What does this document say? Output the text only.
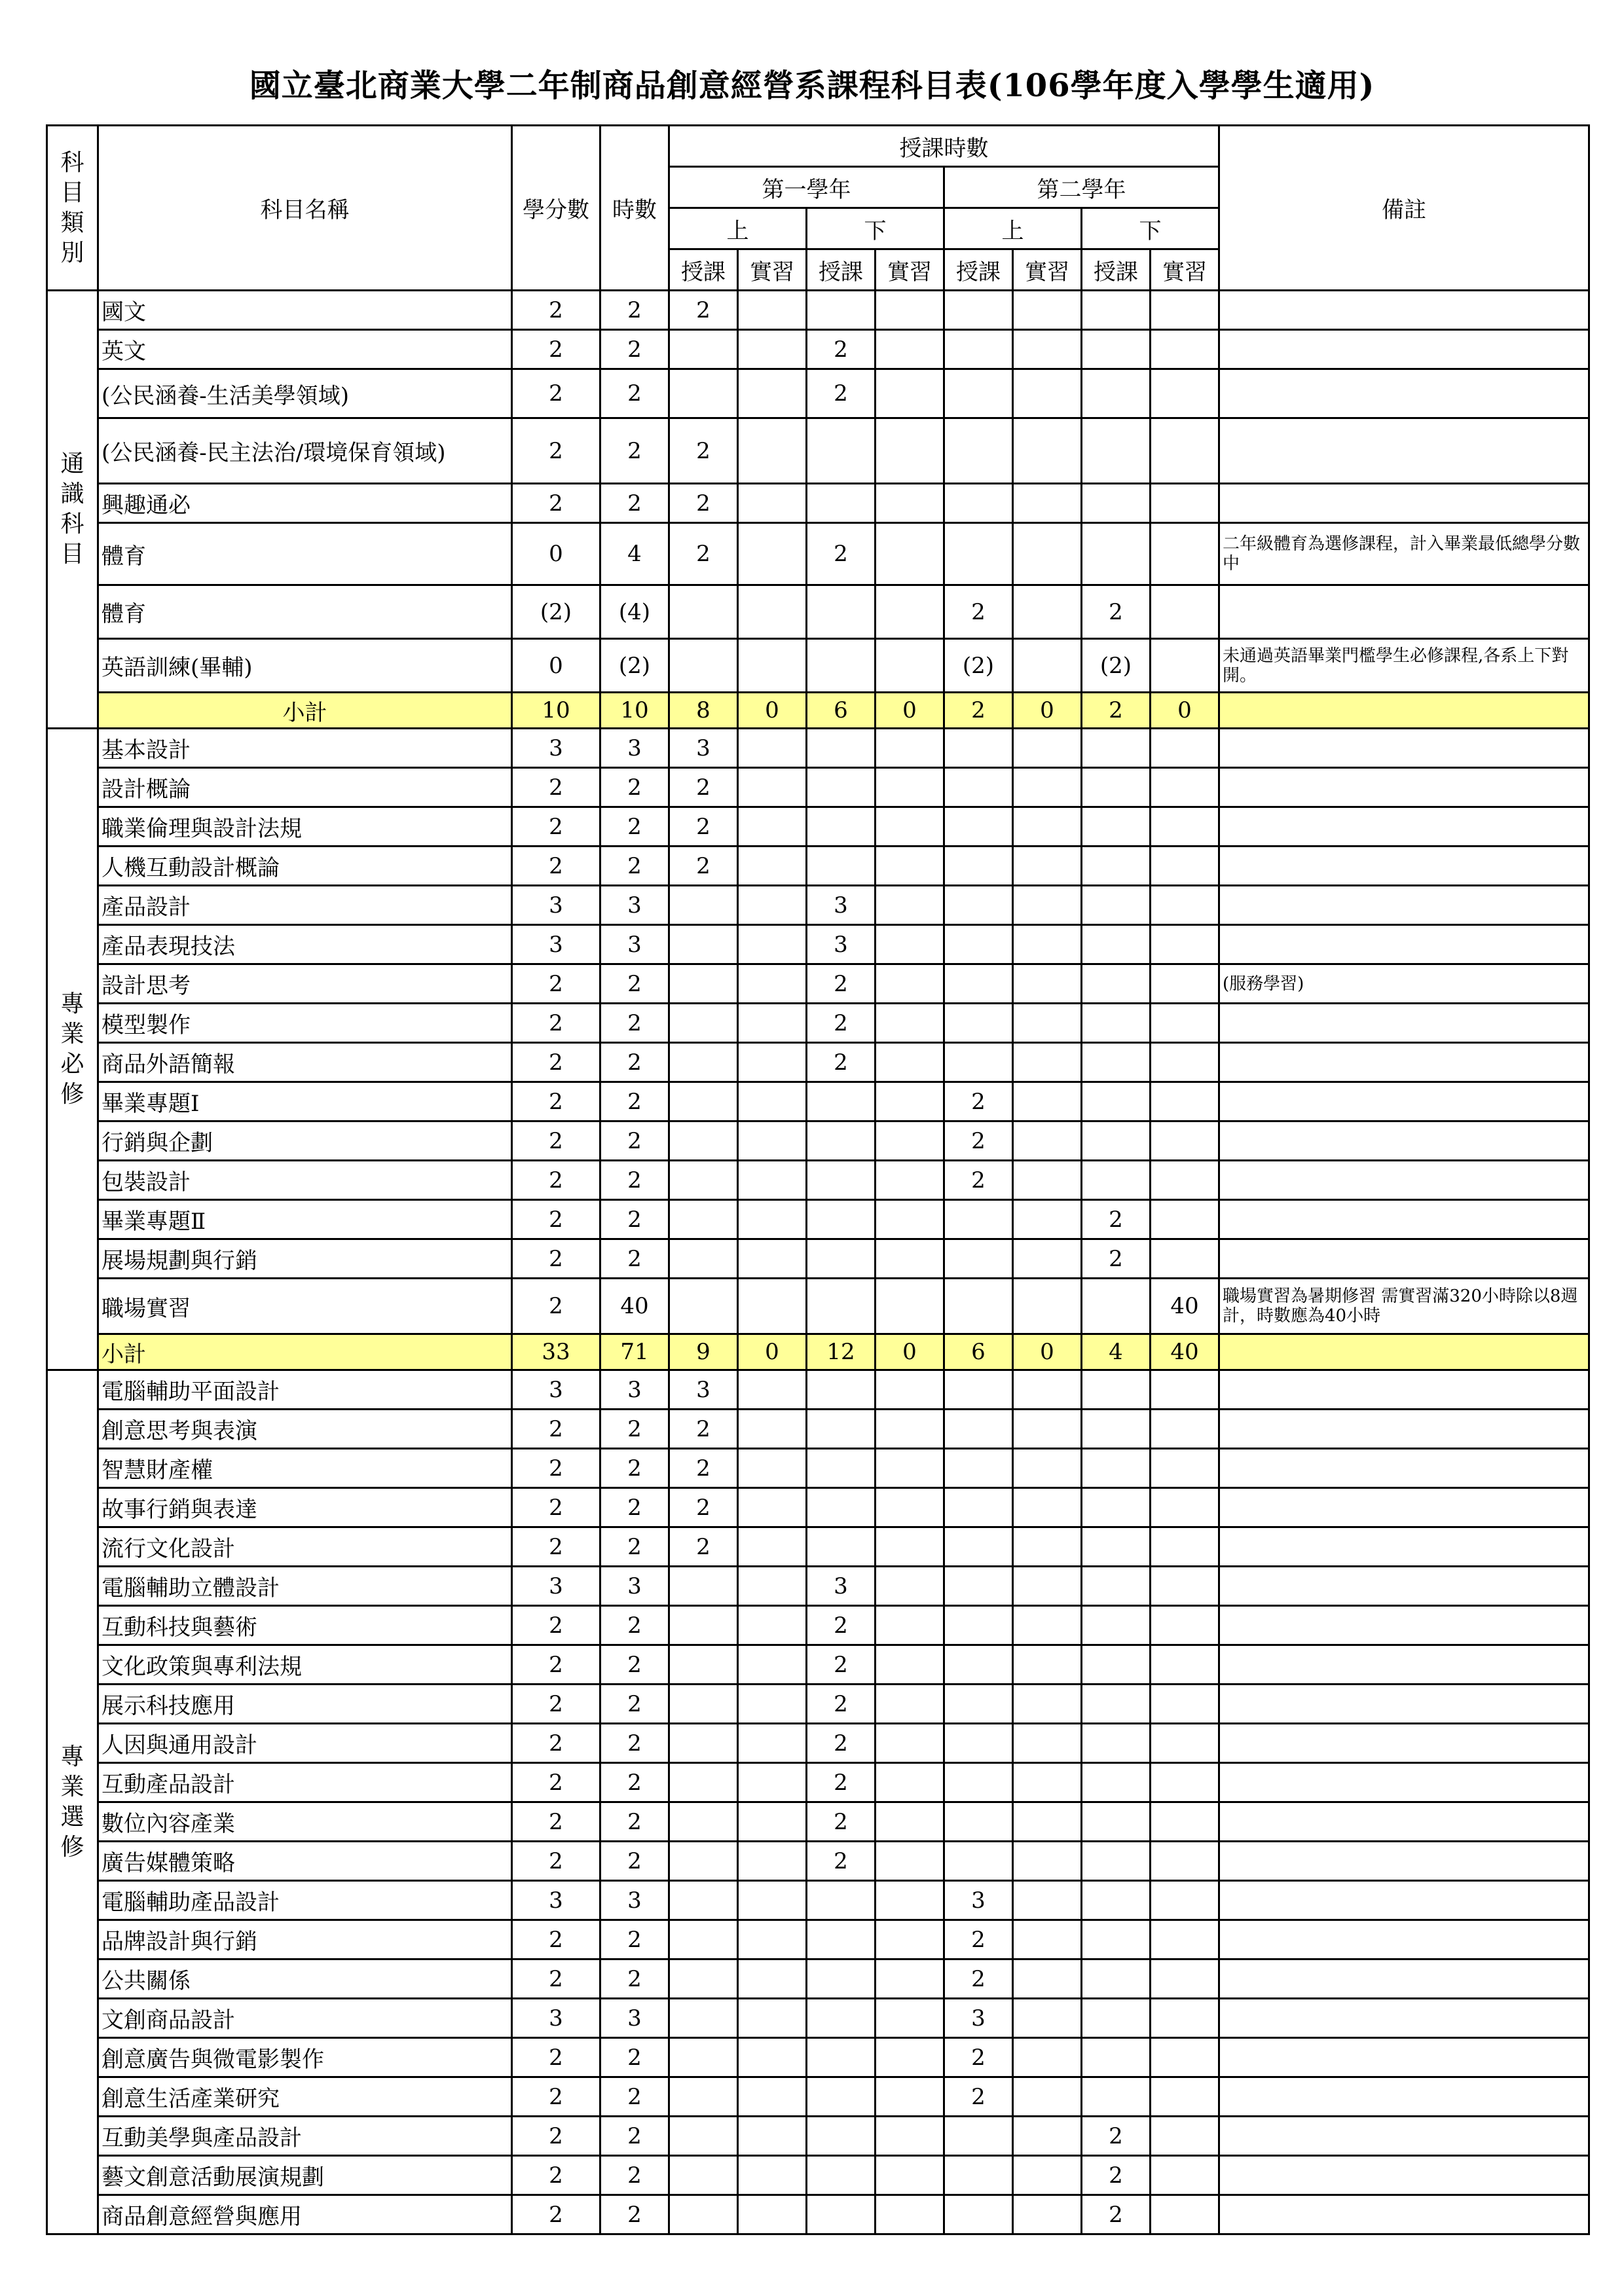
國立臺北商業大學二年制商品創意經營系課程科目表(106學年度入學學生適用)
科目類別	科目名稱	學分數	時數	授課時數								備註
				第一學年				第二學年				
				上		下		上		下		
				授課	實習	授課	實習	授課	實習	授課	實習	
通識科目	國文	2	2	2								
	英文	2	2			2						
	(公民涵養-生活美學領域)	2	2			2						
	(公民涵養-民主法治/環境保育領域)	2	2	2								
	興趣通必	2	2	2								
	體育	0	4	2		2						二年級體育為選修課程，計入畢業最低總學分數中
	體育	(2)	(4)					2		2		
	英語訓練(畢輔)	0	(2)					(2)		(2)		未通過英語畢業門檻學生必修課程,各系上下對開。
	小計	10	10	8	0	6	0	2	0	2	0	
專業必修	基本設計	3	3	3								
	設計概論	2	2	2								
	職業倫理與設計法規	2	2	2								
	人機互動設計概論	2	2	2								
	產品設計	3	3			3						
	產品表現技法	3	3			3						
	設計思考	2	2			2						(服務學習)
	模型製作	2	2			2						
	商品外語簡報	2	2			2						
	畢業專題Ⅰ	2	2					2				
	行銷與企劃	2	2					2				
	包裝設計	2	2					2				
	畢業專題Ⅱ	2	2							2		
	展場規劃與行銷	2	2							2		
	職場實習	2	40								40	職場實習為暑期修習 需實習滿320小時除以8週計，時數應為40小時
	小計	33	71	9	0	12	0	6	0	4	40	
專業選修	電腦輔助平面設計	3	3	3								
	創意思考與表演	2	2	2								
	智慧財產權	2	2	2								
	故事行銷與表達	2	2	2								
	流行文化設計	2	2	2								
	電腦輔助立體設計	3	3			3						
	互動科技與藝術	2	2			2						
	文化政策與專利法規	2	2			2						
	展示科技應用	2	2			2						
	人因與通用設計	2	2			2						
	互動產品設計	2	2			2						
	數位內容產業	2	2			2						
	廣告媒體策略	2	2			2						
	電腦輔助產品設計	3	3					3				
	品牌設計與行銷	2	2					2				
	公共關係	2	2					2				
	文創商品設計	3	3					3				
	創意廣告與微電影製作	2	2					2				
	創意生活產業研究	2	2					2				
	互動美學與產品設計	2	2							2		
	藝文創意活動展演規劃	2	2							2		
	商品創意經營與應用	2	2							2		
